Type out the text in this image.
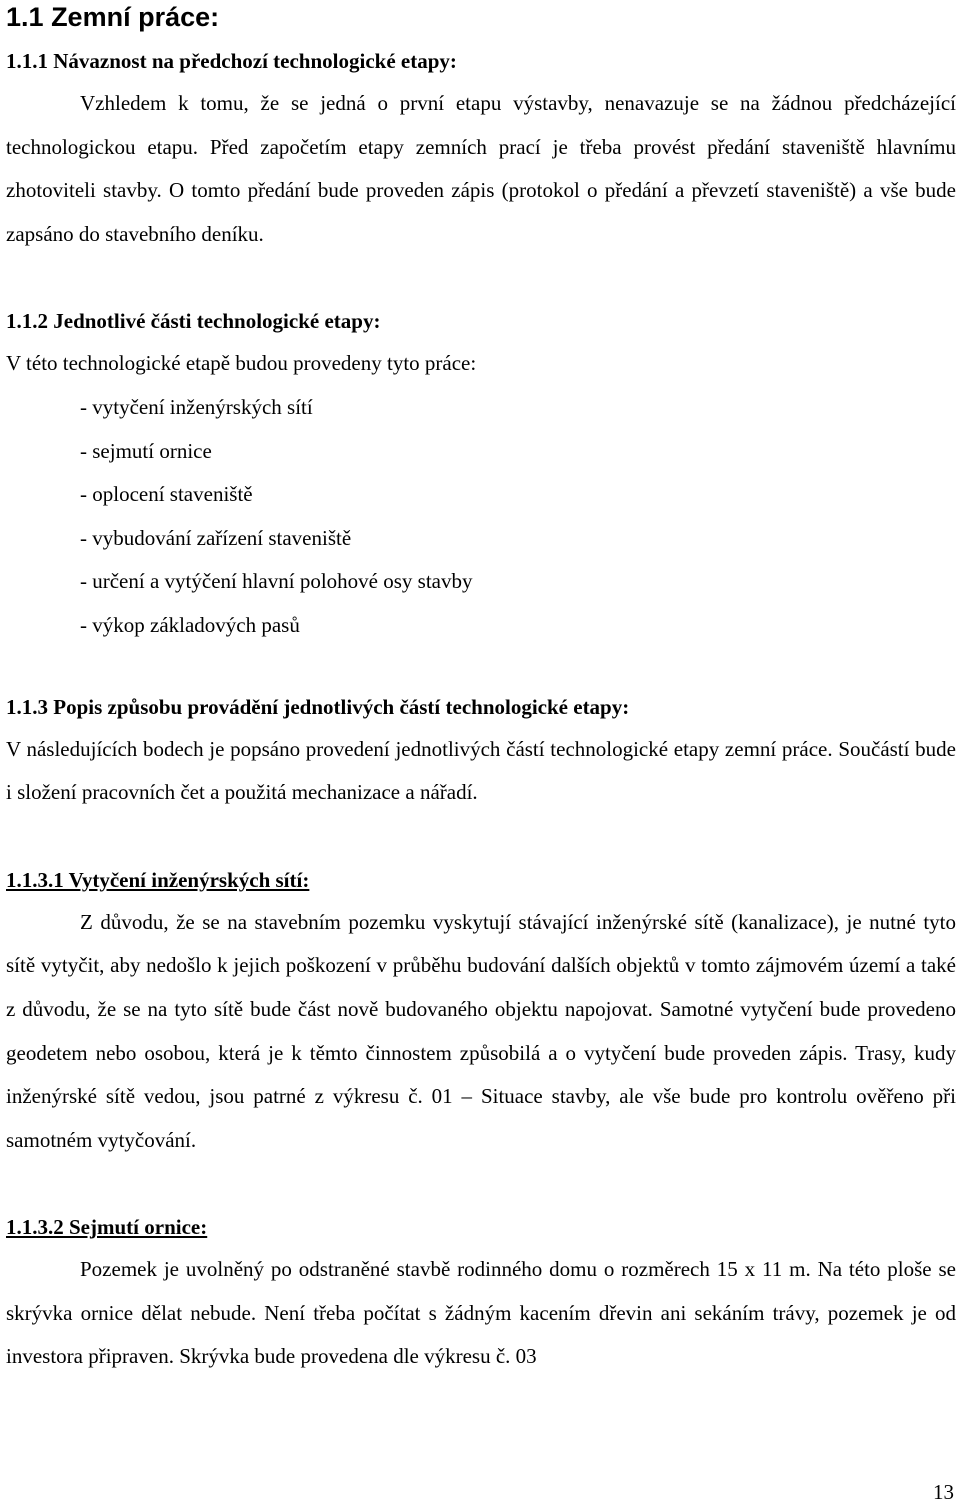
1.1 Zemní práce:
1.1.1 Návaznost na předchozí technologické etapy:

Vzhledem k tomu, že se jedná o první etapu výstavby, nenavazuje se na žádnou předcházející technologickou etapu. Před započetím etapy zemních prací je třeba provést předání staveniště hlavnímu zhotoviteli stavby. O tomto předání bude proveden zápis (protokol o předání a převzetí staveniště) a vše bude zapsáno do stavebního deníku.

1.1.2 Jednotlivé části technologické etapy:

V této technologické etapě budou provedeny tyto práce:

- vytyčení inženýrských sítí
- sejmutí ornice
- oplocení staveniště
- vybudování zařízení staveniště
- určení a vytýčení hlavní polohové osy stavby
- výkop základových pasů
1.1.3 Popis způsobu provádění jednotlivých částí technologické etapy:

V následujících bodech je popsáno provedení jednotlivých částí technologické etapy zemní práce. Součástí bude i složení pracovních čet a použitá mechanizace a nářadí.

1.1.3.1 Vytyčení inženýrských sítí:

Z důvodu, že se na stavebním pozemku vyskytují stávající inženýrské sítě (kanalizace), je nutné tyto sítě vytyčit, aby nedošlo k jejich poškození v průběhu budování dalších objektů v tomto zájmovém území a také z důvodu, že se na tyto sítě bude část nově budovaného objektu napojovat. Samotné vytyčení bude provedeno geodetem nebo osobou, která je k těmto činnostem způsobilá a o vytyčení bude proveden zápis. Trasy, kudy inženýrské sítě vedou, jsou patrné z výkresu č. 01 – Situace stavby, ale vše bude pro kontrolu ověřeno při samotném vytyčování.

1.1.3.2 Sejmutí ornice:

Pozemek je uvolněný po odstraněné stavbě rodinného domu o rozměrech 15 x 11 m. Na této ploše se skrývka ornice dělat nebude. Není třeba počítat s žádným kacením dřevin ani sekáním trávy, pozemek je od investora připraven. Skrývka bude provedena dle výkresu č. 03

13
